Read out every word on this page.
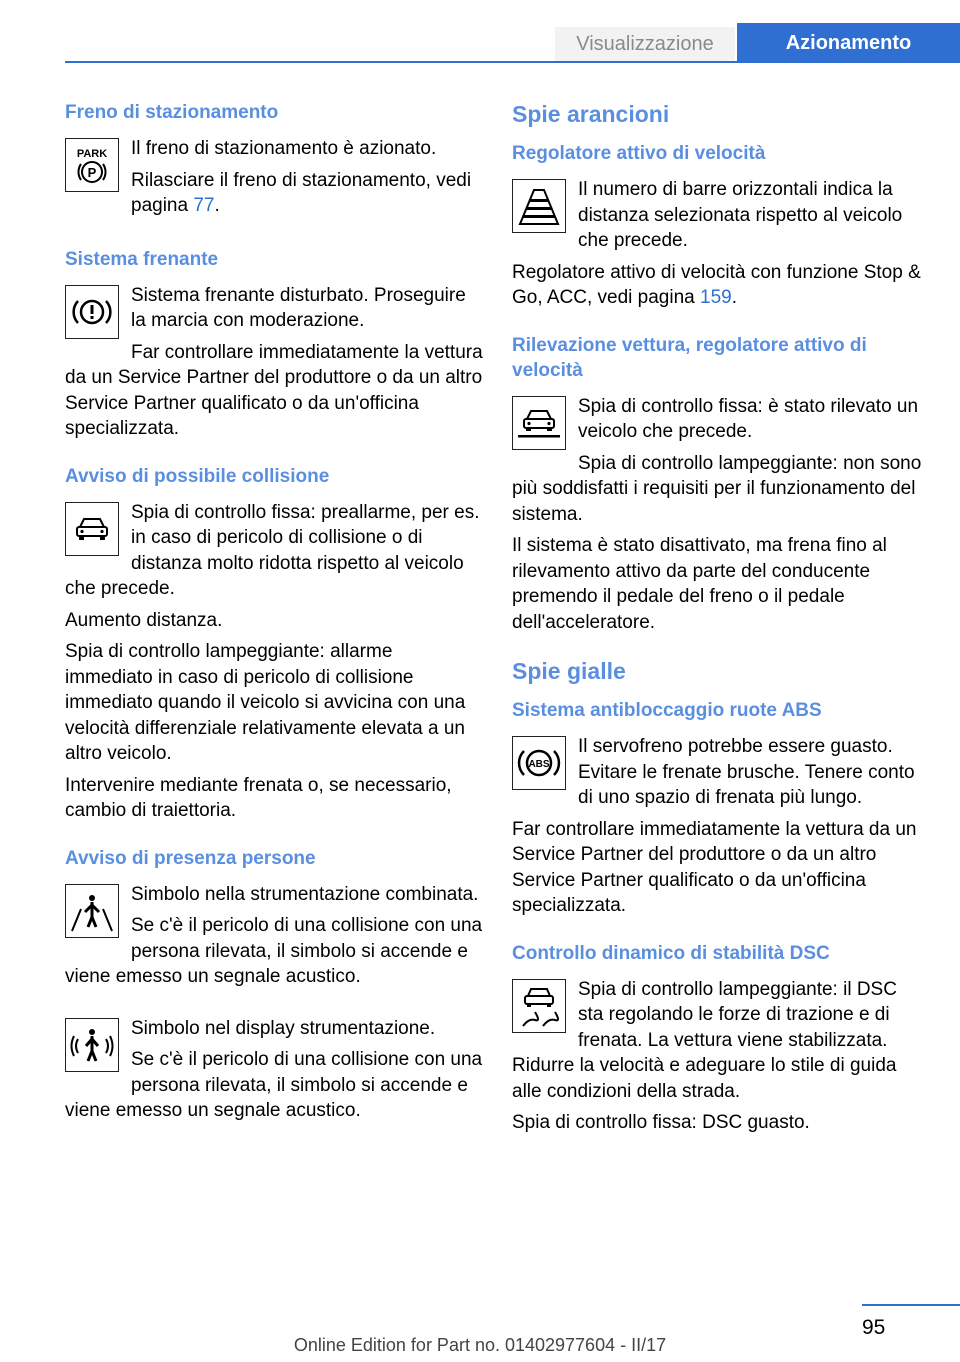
Visualizzazione	Azionamento
Freno di stazionamento
PARK
P

Il freno di stazionamento è azionato.

Rilasciare il freno di stazionamento, vedi pagina 77.

Sistema frenante

Sistema frenante disturbato. Proseguire la marcia con moderazione.

Far controllare immediatamente la vettura da un Service Partner del produttore o da un altro Service Partner qualificato o da un'officina specializzata.

Avviso di possibile collisione

Spia di controllo fissa: preallarme, per es. in caso di pericolo di collisione o di distanza molto ridotta rispetto al veicolo che precede.

Aumento distanza.

Spia di controllo lampeggiante: allarme immediato in caso di pericolo di collisione immediato quando il veicolo si avvicina con una velocità differenziale relativamente elevata a un altro veicolo.

Intervenire mediante frenata o, se necessario, cambio di traiettoria.

Avviso di presenza persone

Simbolo nella strumentazione combinata.

Se c'è il pericolo di una collisione con una persona rilevata, il simbolo si accende e viene emesso un segnale acustico.

Simbolo nel display strumentazione.

Se c'è il pericolo di una collisione con una persona rilevata, il simbolo si accende e viene emesso un segnale acustico.

Spie arancioni
Regolatore attivo di velocità

Il numero di barre orizzontali indica la distanza selezionata rispetto al veicolo che precede.

Regolatore attivo di velocità con funzione Stop & Go, ACC, vedi pagina 159.

Rilevazione vettura, regolatore attivo di velocità

Spia di controllo fissa: è stato rilevato un veicolo che precede.

Spia di controllo lampeggiante: non sono più soddisfatti i requisiti per il funzionamento del sistema.

Il sistema è stato disattivato, ma frena fino al rilevamento attivo da parte del conducente premendo il pedale del freno o il pedale dell'acceleratore.

Spie gialle
Sistema antibloccaggio ruote ABS
ABS

Il servofreno potrebbe essere guasto. Evitare le frenate brusche. Tenere conto di uno spazio di frenata più lungo.

Far controllare immediatamente la vettura da un Service Partner del produttore o da un altro Service Partner qualificato o da un'officina specializzata.

Controllo dinamico di stabilità DSC

Spia di controllo lampeggiante: il DSC sta regolando le forze di trazione e di frenata. La vettura viene stabilizzata. Ridurre la velocità e adeguare lo stile di guida alle condizioni della strada.

Spia di controllo fissa: DSC guasto.

95
Online Edition for Part no. 01402977604 - II/17
